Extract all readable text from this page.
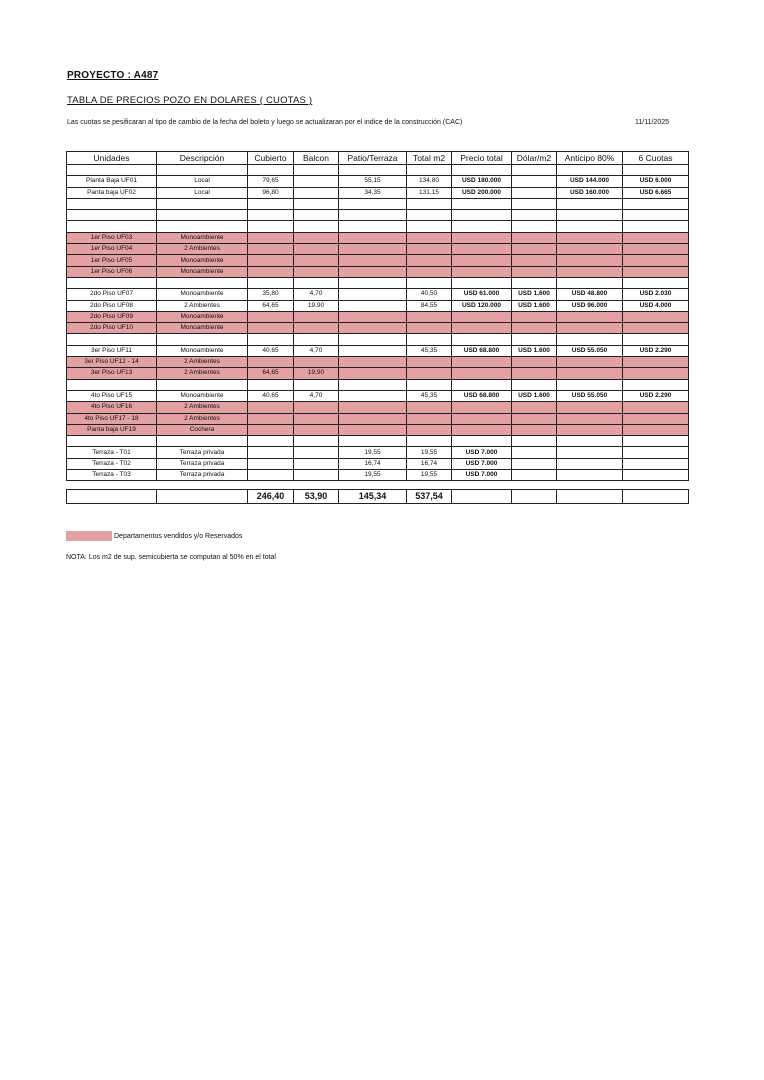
PROYECTO : A487
TABLA DE PRECIOS POZO EN DOLARES ( CUOTAS )
Las cuotas se pesificaran al tipo de cambio de la fecha del boleto y luego se actualizaran por el indice de la construcción (CAC)	11/11/2025
Unidades	Descripción	Cubierto	Balcon	Patio/Terraza	Total m2	Precio total	Dólar/m2	Anticipo 80%	6 Cuotas

Planta Baja UF01	Local	79,65		55,15	134,80	USD 180.000		USD 144.000	USD 6.000
Panta baja UF02	Local	96,80		34,35	131,15	USD 200.000		USD 160.000	USD 6.665

1er Piso UF03	Monoambiente								
1er Piso UF04	2 Ambientes								
1er Piso UF05	Monoambiente								
1er Piso UF06	Monoambiente								

2do Piso UF07	Monoambiente	35,80	4,70		40,50	USD 61.000	USD 1.600	USD 48.800	USD 2.030
2do Piso UF08	2 Ambientes	64,65	19,90		84,55	USD 120.000	USD 1.600	USD 96.000	USD 4.000
2do Piso UF09	Monoambiente								
2do Piso UF10	Monoambiente								

3er Piso UF11	Monoambiente	40,65	4,70		45,35	USD 68.800	USD 1.600	USD 55.050	USD 2.290
3er Piso UF12 - 14	2 Ambientes								
3er Piso UF13	2 Ambientes	64,65	19,90						

4to Piso UF15	Monoambiente	40,65	4,70		45,35	USD 68.800	USD 1.600	USD 55.050	USD 2.290
4to Piso UF16	2 Ambientes								
4to Piso UF17 - 18	2 Ambientes								
Panta baja UF19	Cochera								

Terraza - T01	Terraza privada			19,55	19,55	USD 7.000			
Terraza - T02	Terraza privada			16,74	16,74	USD 7.000			
Terraza - T03	Terraza privada			19,55	19,55	USD 7.000			

		246,40	53,90	145,34	537,54				
Departamentos vendidos y/o Reservados
NOTA: Los m2 de sup. semicubierta se computan al 50% en el total
